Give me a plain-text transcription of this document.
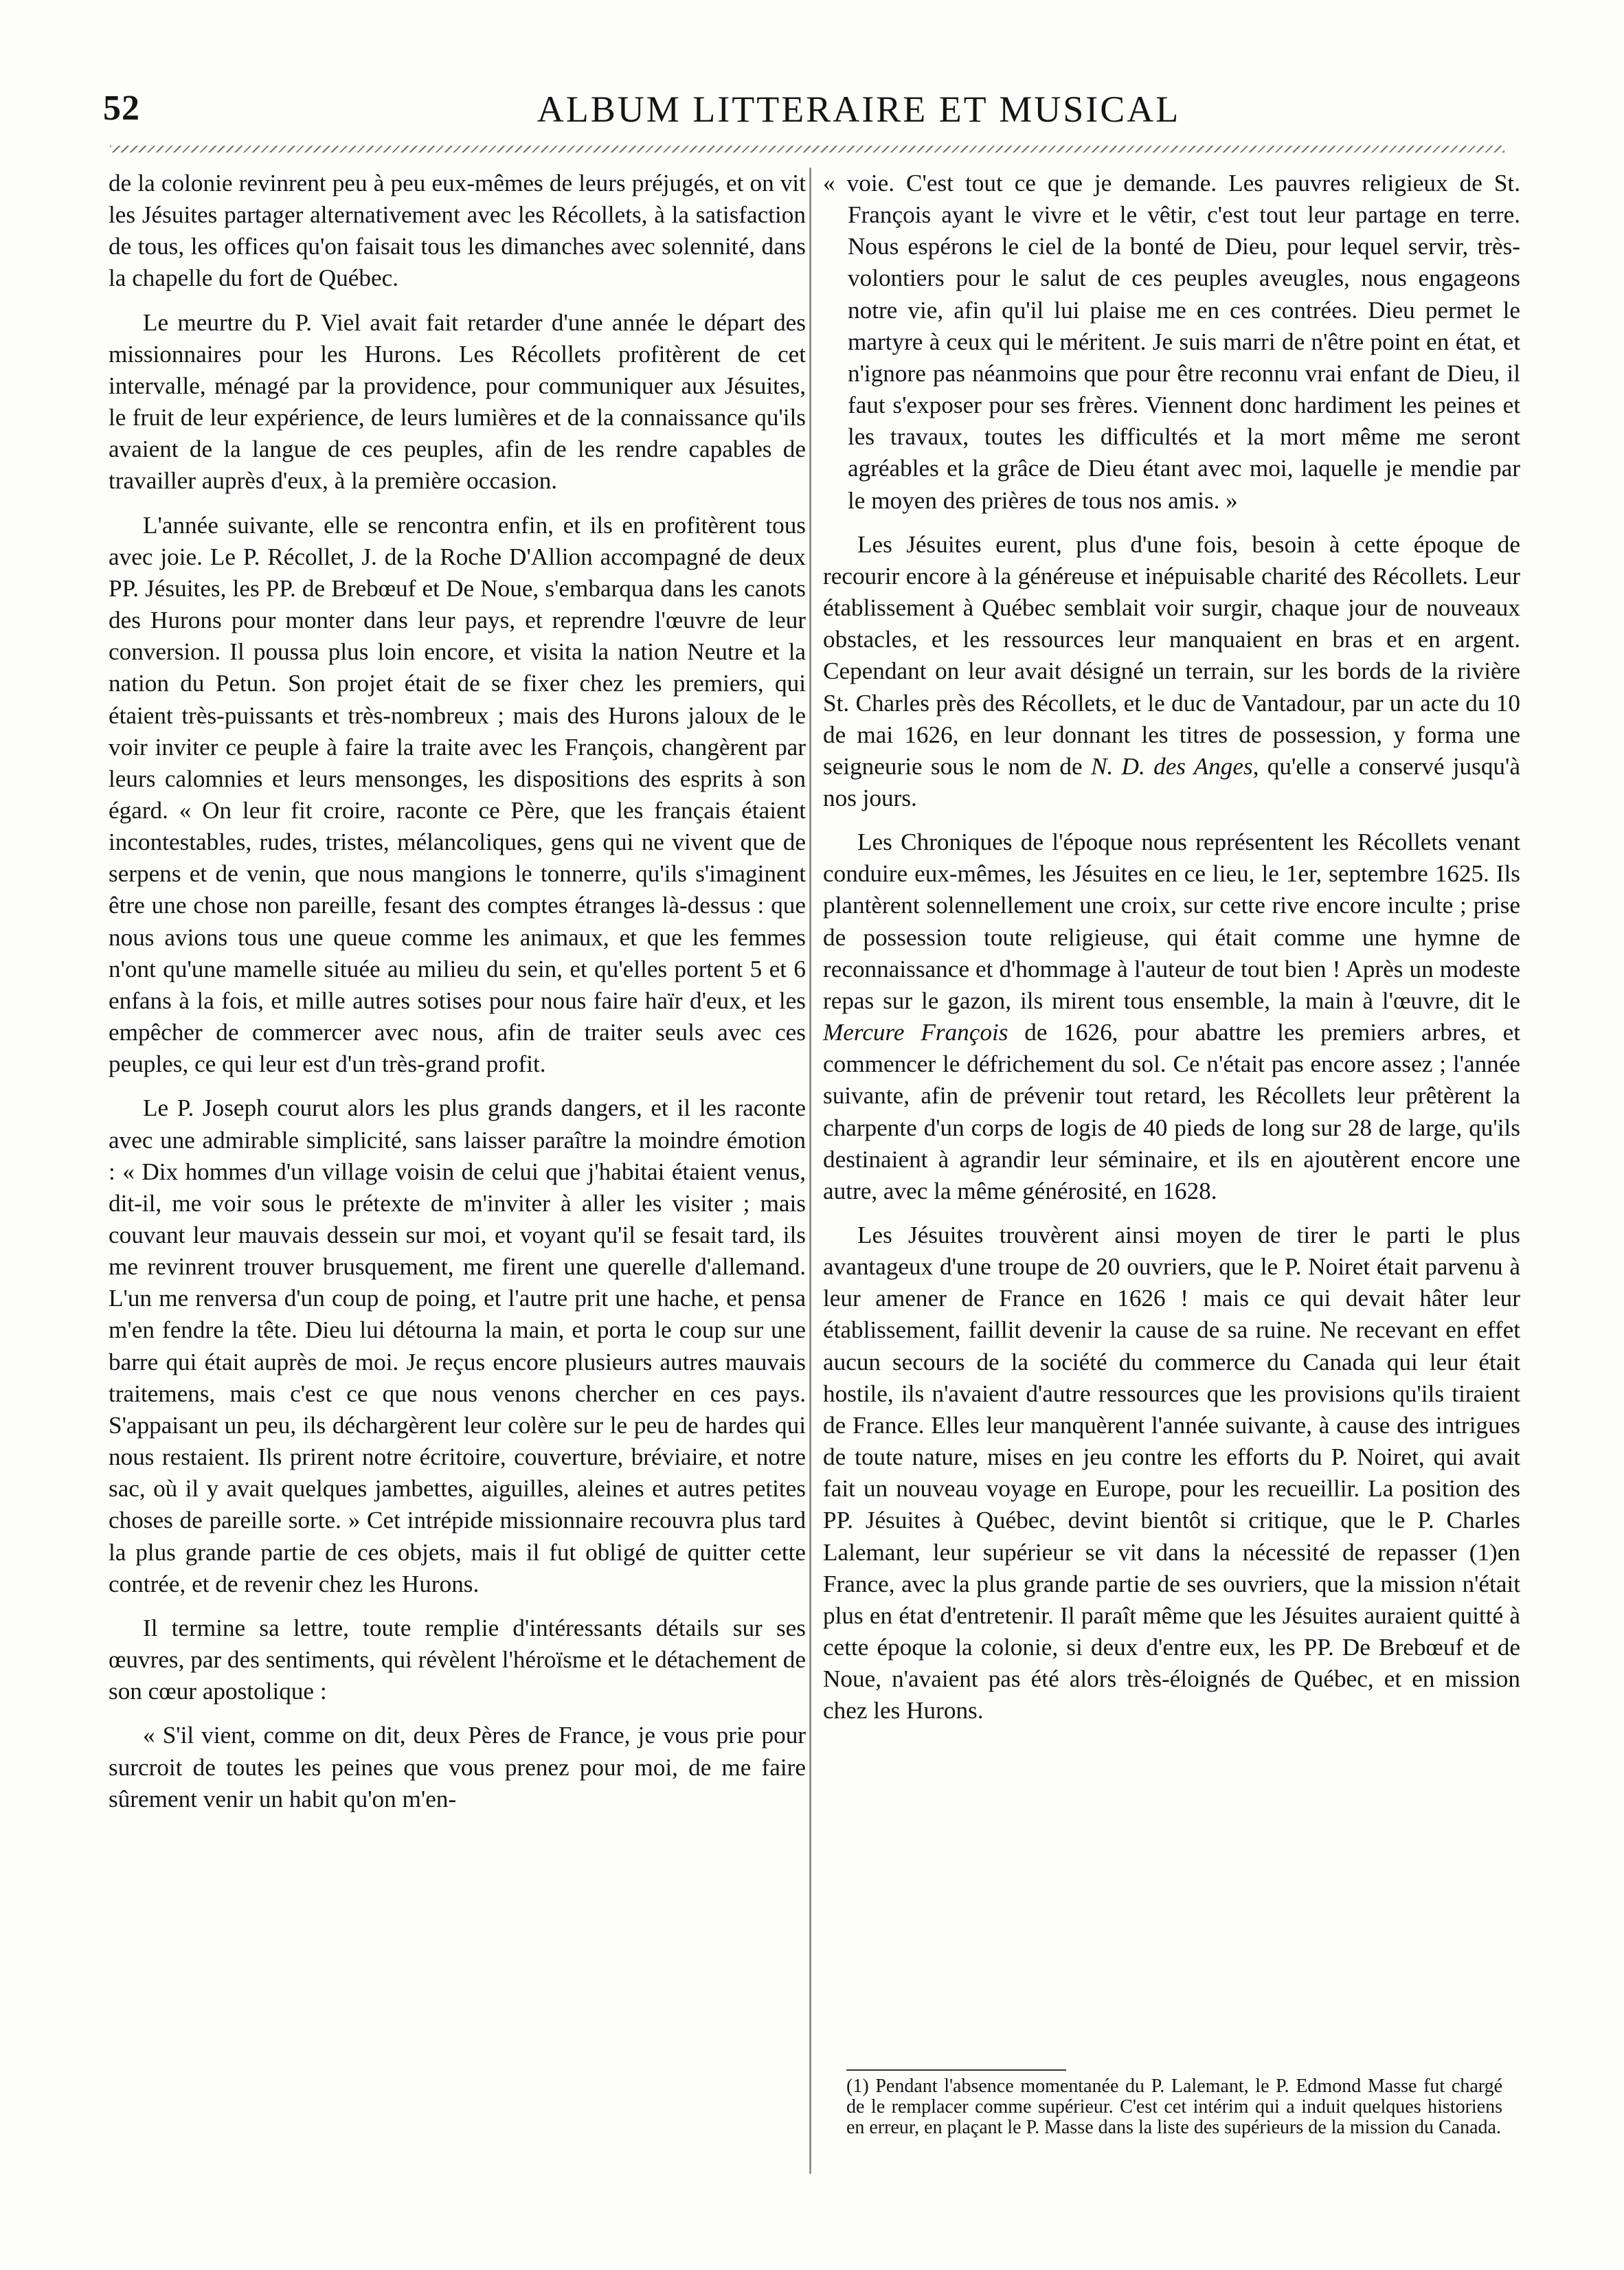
52	ALBUM LITTERAIRE ET MUSICAL

de la colonie revinrent peu à peu eux-mêmes de leurs préjugés, et on vit les Jésuites partager alternativement avec les Récollets, à la satisfaction de tous, les offices qu'on faisait tous les dimanches avec solennité, dans la chapelle du fort de Québec.

Le meurtre du P. Viel avait fait retarder d'une année le départ des missionnaires pour les Hurons. Les Récollets profitèrent de cet intervalle, ménagé par la providence, pour communiquer aux Jésuites, le fruit de leur expérience, de leurs lumières et de la connaissance qu'ils avaient de la langue de ces peuples, afin de les rendre capables de travailler auprès d'eux, à la première occasion.

L'année suivante, elle se rencontra enfin, et ils en profitèrent tous avec joie. Le P. Récollet, J. de la Roche D'Allion accompagné de deux PP. Jésuites, les PP. de Brebœuf et De Noue, s'embarqua dans les canots des Hurons pour monter dans leur pays, et reprendre l'œuvre de leur conversion. Il poussa plus loin encore, et visita la nation Neutre et la nation du Petun. Son projet était de se fixer chez les premiers, qui étaient très-puissants et très-nombreux ; mais des Hurons jaloux de le voir inviter ce peuple à faire la traite avec les François, changèrent par leurs calomnies et leurs mensonges, les dispositions des esprits à son égard. « On leur fit croire, raconte ce Père, que les français étaient incontestables, rudes, tristes, mélancoliques, gens qui ne vivent que de serpens et de venin, que nous mangions le tonnerre, qu'ils s'imaginent être une chose non pareille, fesant des comptes étranges là-dessus : que nous avions tous une queue comme les animaux, et que les femmes n'ont qu'une mamelle située au milieu du sein, et qu'elles portent 5 et 6 enfans à la fois, et mille autres sotises pour nous faire haïr d'eux, et les empêcher de commercer avec nous, afin de traiter seuls avec ces peuples, ce qui leur est d'un très-grand profit.

Le P. Joseph courut alors les plus grands dangers, et il les raconte avec une admirable simplicité, sans laisser paraître la moindre émotion : « Dix hommes d'un village voisin de celui que j'habitai étaient venus, dit-il, me voir sous le prétexte de m'inviter à aller les visiter ; mais couvant leur mauvais dessein sur moi, et voyant qu'il se fesait tard, ils me revinrent trouver brusquement, me firent une querelle d'allemand. L'un me renversa d'un coup de poing, et l'autre prit une hache, et pensa m'en fendre la tête. Dieu lui détourna la main, et porta le coup sur une barre qui était auprès de moi. Je reçus encore plusieurs autres mauvais traitemens, mais c'est ce que nous venons chercher en ces pays. S'appaisant un peu, ils déchargèrent leur colère sur le peu de hardes qui nous restaient. Ils prirent notre écritoire, couverture, bréviaire, et notre sac, où il y avait quelques jambettes, aiguilles, aleines et autres petites choses de pareille sorte. » Cet intrépide missionnaire recouvra plus tard la plus grande partie de ces objets, mais il fut obligé de quitter cette contrée, et de revenir chez les Hurons.

Il termine sa lettre, toute remplie d'intéressants détails sur ses œuvres, par des sentiments, qui révèlent l'héroïsme et le détachement de son cœur apostolique :

« S'il vient, comme on dit, deux Pères de France, je vous prie pour surcroit de toutes les peines que vous prenez pour moi, de me faire sûrement venir un habit qu'on m'en-

« voie. C'est tout ce que je demande. Les pauvres religieux de St. François ayant le vivre et le vêtir, c'est tout leur partage en terre. Nous espérons le ciel de la bonté de Dieu, pour lequel servir, très-volontiers pour le salut de ces peuples aveugles, nous engageons notre vie, afin qu'il lui plaise me en ces contrées. Dieu permet le martyre à ceux qui le méritent. Je suis marri de n'être point en état, et n'ignore pas néanmoins que pour être reconnu vrai enfant de Dieu, il faut s'exposer pour ses frères. Viennent donc hardiment les peines et les travaux, toutes les difficultés et la mort même me seront agréables et la grâce de Dieu étant avec moi, laquelle je mendie par le moyen des prières de tous nos amis. »

Les Jésuites eurent, plus d'une fois, besoin à cette époque de recourir encore à la généreuse et inépuisable charité des Récollets. Leur établissement à Québec semblait voir surgir, chaque jour de nouveaux obstacles, et les ressources leur manquaient en bras et en argent. Cependant on leur avait désigné un terrain, sur les bords de la rivière St. Charles près des Récollets, et le duc de Vantadour, par un acte du 10 de mai 1626, en leur donnant les titres de possession, y forma une seigneurie sous le nom de N. D. des Anges, qu'elle a conservé jusqu'à nos jours.

Les Chroniques de l'époque nous représentent les Récollets venant conduire eux-mêmes, les Jésuites en ce lieu, le 1er, septembre 1625. Ils plantèrent solennellement une croix, sur cette rive encore inculte ; prise de possession toute religieuse, qui était comme une hymne de reconnaissance et d'hommage à l'auteur de tout bien ! Après un modeste repas sur le gazon, ils mirent tous ensemble, la main à l'œuvre, dit le Mercure François de 1626, pour abattre les premiers arbres, et commencer le défrichement du sol. Ce n'était pas encore assez ; l'année suivante, afin de prévenir tout retard, les Récollets leur prêtèrent la charpente d'un corps de logis de 40 pieds de long sur 28 de large, qu'ils destinaient à agrandir leur séminaire, et ils en ajoutèrent encore une autre, avec la même générosité, en 1628.

Les Jésuites trouvèrent ainsi moyen de tirer le parti le plus avantageux d'une troupe de 20 ouvriers, que le P. Noiret était parvenu à leur amener de France en 1626 ! mais ce qui devait hâter leur établissement, faillit devenir la cause de sa ruine. Ne recevant en effet aucun secours de la société du commerce du Canada qui leur était hostile, ils n'avaient d'autre ressources que les provisions qu'ils tiraient de France. Elles leur manquèrent l'année suivante, à cause des intrigues de toute nature, mises en jeu contre les efforts du P. Noiret, qui avait fait un nouveau voyage en Europe, pour les recueillir. La position des PP. Jésuites à Québec, devint bientôt si critique, que le P. Charles Lalemant, leur supérieur se vit dans la nécessité de repasser (1)en France, avec la plus grande partie de ses ouvriers, que la mission n'était plus en état d'entretenir. Il paraît même que les Jésuites auraient quitté à cette époque la colonie, si deux d'entre eux, les PP. De Brebœuf et de Noue, n'avaient pas été alors très-éloignés de Québec, et en mission chez les Hurons.

(1) Pendant l'absence momentanée du P. Lalemant, le P. Edmond Masse fut chargé de le remplacer comme supérieur. C'est cet intérim qui a induit quelques historiens en erreur, en plaçant le P. Masse dans la liste des supérieurs de la mission du Canada.
